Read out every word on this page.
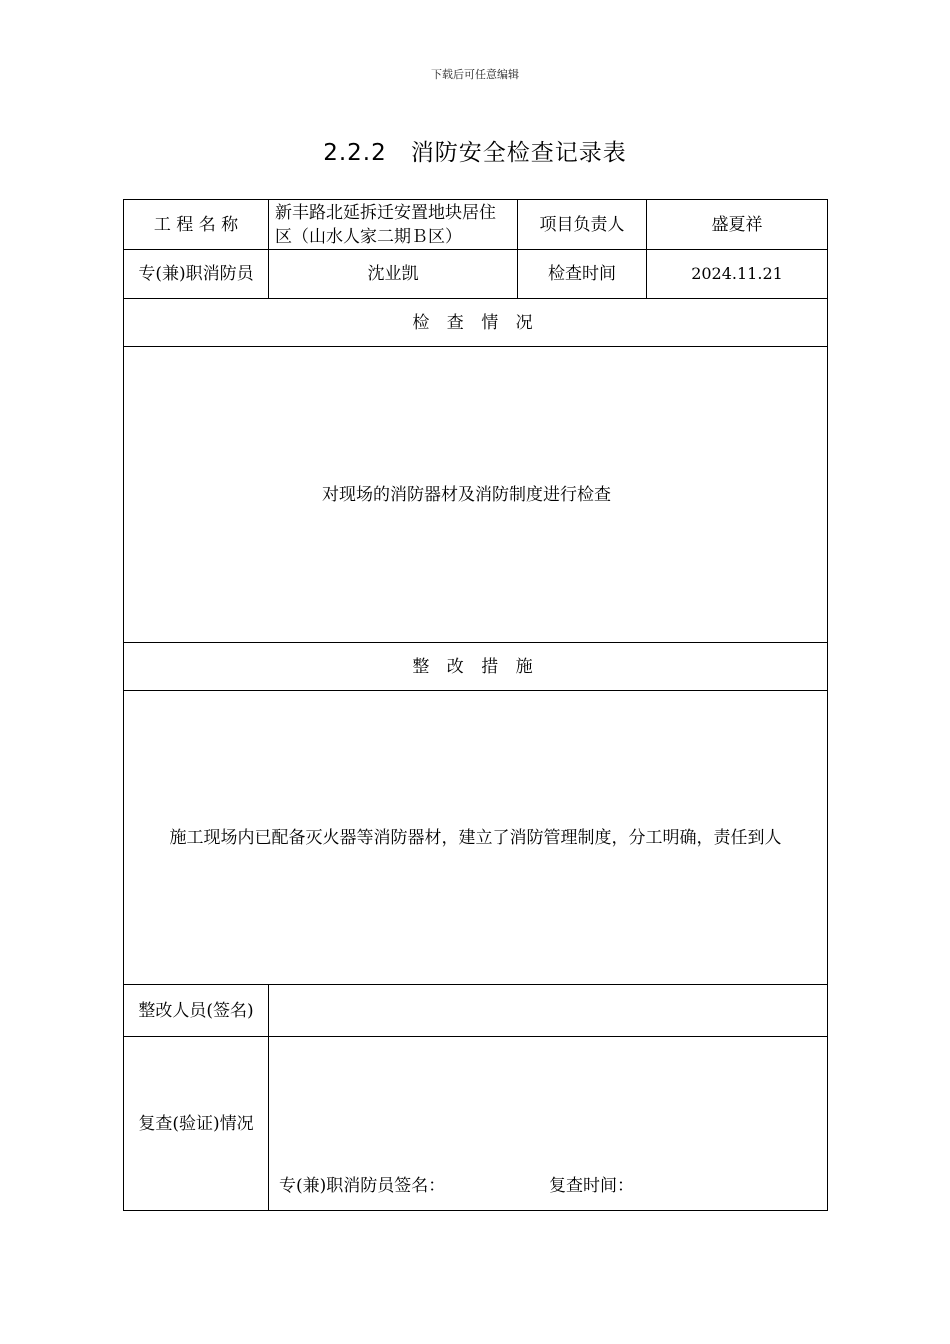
下载后可任意编辑
2.2.2　消防安全检查记录表
工 程 名 称	新丰路北延拆迁安置地块居住区（山水人家二期Ｂ区）	项目负责人	盛夏祥
专(兼)职消防员	沈业凯	检查时间	2024.11.21
检 查 情 况			
对现场的消防器材及消防制度进行检查			
整 改 措 施			
施工现场内已配备灭火器等消防器材，建立了消防管理制度，分工明确，责任到人			
整改人员(签名)			
复查(验证)情况	专(兼)职消防员签名： 复查时间：		
